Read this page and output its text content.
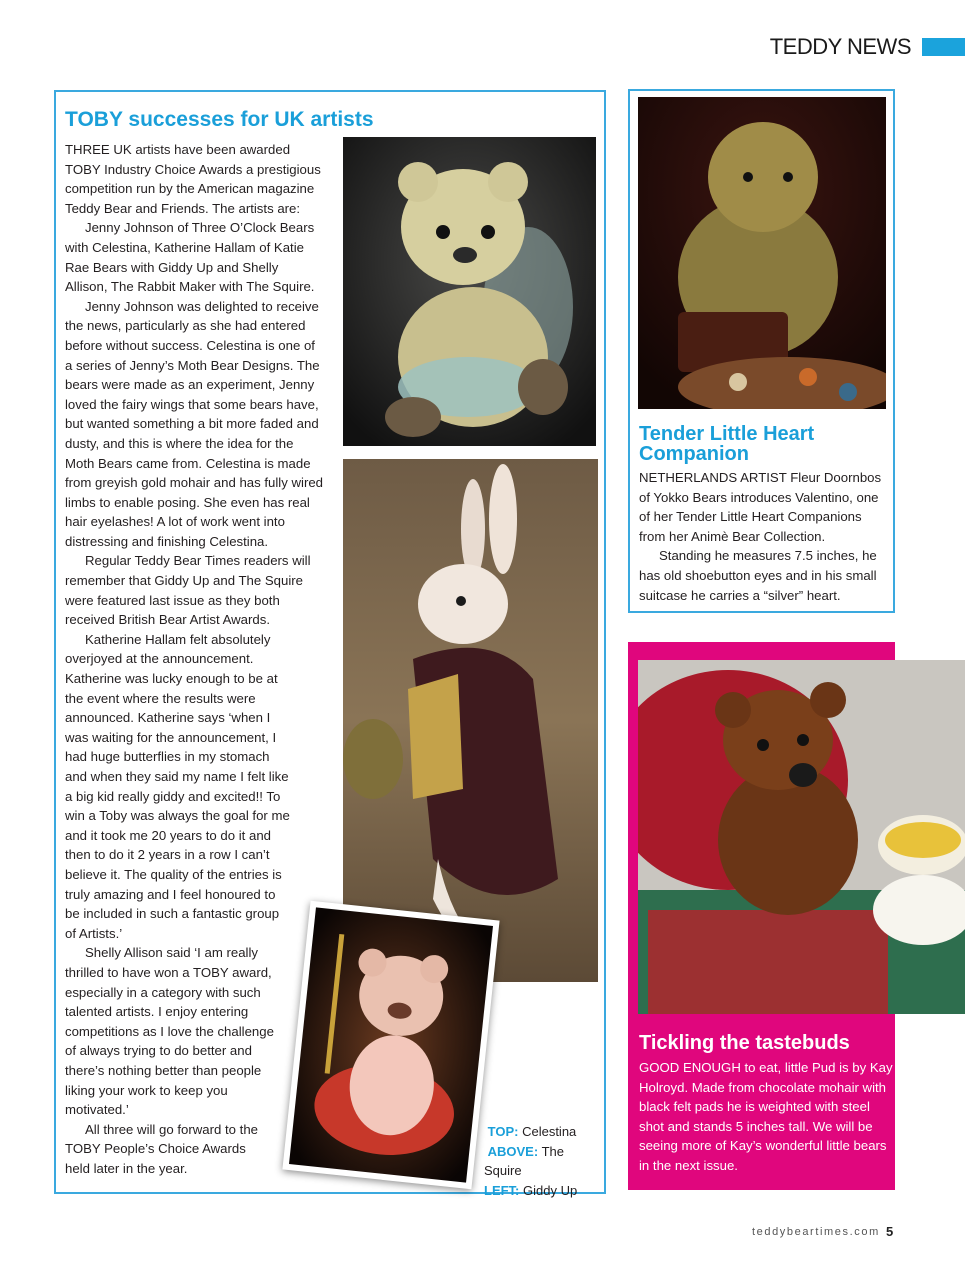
TEDDY NEWS
TOBY successes for UK artists

THREE UK artists have been awarded TOBY Industry Choice Awards a prestigious competition run by the American magazine Teddy Bear and Friends. The artists are:

Jenny Johnson of Three O’Clock Bears with Celestina, Katherine Hallam of Katie Rae Bears with Giddy Up and Shelly Allison, The Rabbit Maker with The Squire.

Jenny Johnson was delighted to receive the news, particularly as she had entered before without success. Celestina is one of a series of Jenny’s Moth Bear Designs. The bears were made as an experiment, Jenny loved the fairy wings that some bears have, but wanted something a bit more faded and dusty, and this is where the idea for the Moth Bears came from. Celestina is made from greyish gold mohair and has fully wired limbs to enable posing. She even has real hair eyelashes! A lot of work went into distressing and finishing Celestina.

Regular Teddy Bear Times readers will remember that Giddy Up and The Squire were featured last issue as they both received British Bear Artist Awards.

Katherine Hallam felt absolutely overjoyed at the announcement. Katherine was lucky enough to be at the event where the results were announced. Katherine says ‘when I was waiting for the announcement, I had huge butterflies in my stomach and when they said my name I felt like a big kid really giddy and excited!! To win a Toby was always the goal for me and it took me 20 years to do it and then to do it 2 years in a row I can’t believe it. The quality of the entries is truly amazing and I feel honoured to be included in such a fantastic group of Artists.’

Shelly Allison said ‘I am really thrilled to have won a TOBY award, especially in a category with such talented artists. I enjoy entering competitions as I love the challenge of always trying to do better and there’s nothing better than people liking your work to keep you motivated.’

All three will go forward to the TOBY People’s Choice Awards held later in the year.

TOP: Celestina
ABOVE: The Squire
LEFT: Giddy Up
Tender Little Heart Companion

NETHERLANDS ARTIST Fleur Doornbos of Yokko Bears introduces Valentino, one of her Tender Little Heart Companions from her Animè Bear Collection.

Standing he measures 7.5 inches, he has old shoebutton eyes and in his small suitcase he carries a “silver” heart.

Tickling the tastebuds

GOOD ENOUGH to eat, little Pud is by Kay Holroyd. Made from chocolate mohair with black felt pads he is weighted with steel shot and stands 5 inches tall. We will be seeing more of Kay’s wonderful little bears in the next issue.

teddybeartimes.com 5
